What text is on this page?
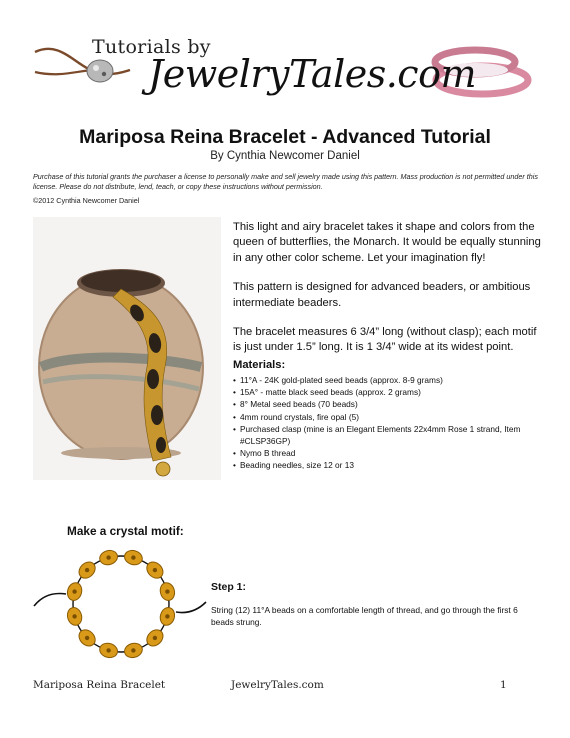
Tutorials by
JewelryTales.com
Mariposa Reina Bracelet - Advanced Tutorial
By Cynthia Newcomer Daniel
Purchase of this tutorial grants the purchaser a license to personally make and sell jewelry made using this pattern. Mass production is not permitted under this license. Please do not distribute, lend, teach, or copy these instructions without permission.
©2012 Cynthia Newcomer Daniel

This light and airy bracelet takes it shape and colors from the queen of butterflies, the Monarch. It would be equally stunning in any other color scheme. Let your imagination fly!

This pattern is designed for advanced beaders, or ambitious intermediate beaders.

The bracelet measures 6 3/4” long (without clasp); each motif is just under 1.5” long. It is 1 3/4” wide at its widest point.

Materials:
• 11°A - 24K gold-plated seed beads (approx. 8-9 grams)
• 15A° - matte black seed beads (approx. 2 grams)
• 8° Metal seed beads (70 beads)
• 4mm round crystals, fire opal (5)
• Purchased clasp (mine is an Elegant Elements 22x4mm Rose 1 strand, Item #CLSP36GP)
• Nymo B thread
• Beading needles, size 12 or 13
Make a crystal motif:
Step 1:
String (12) 11°A beads on a comfortable length of thread, and go through the first 6 beads strung.
Mariposa Reina Bracelet	JewelryTales.com	1
